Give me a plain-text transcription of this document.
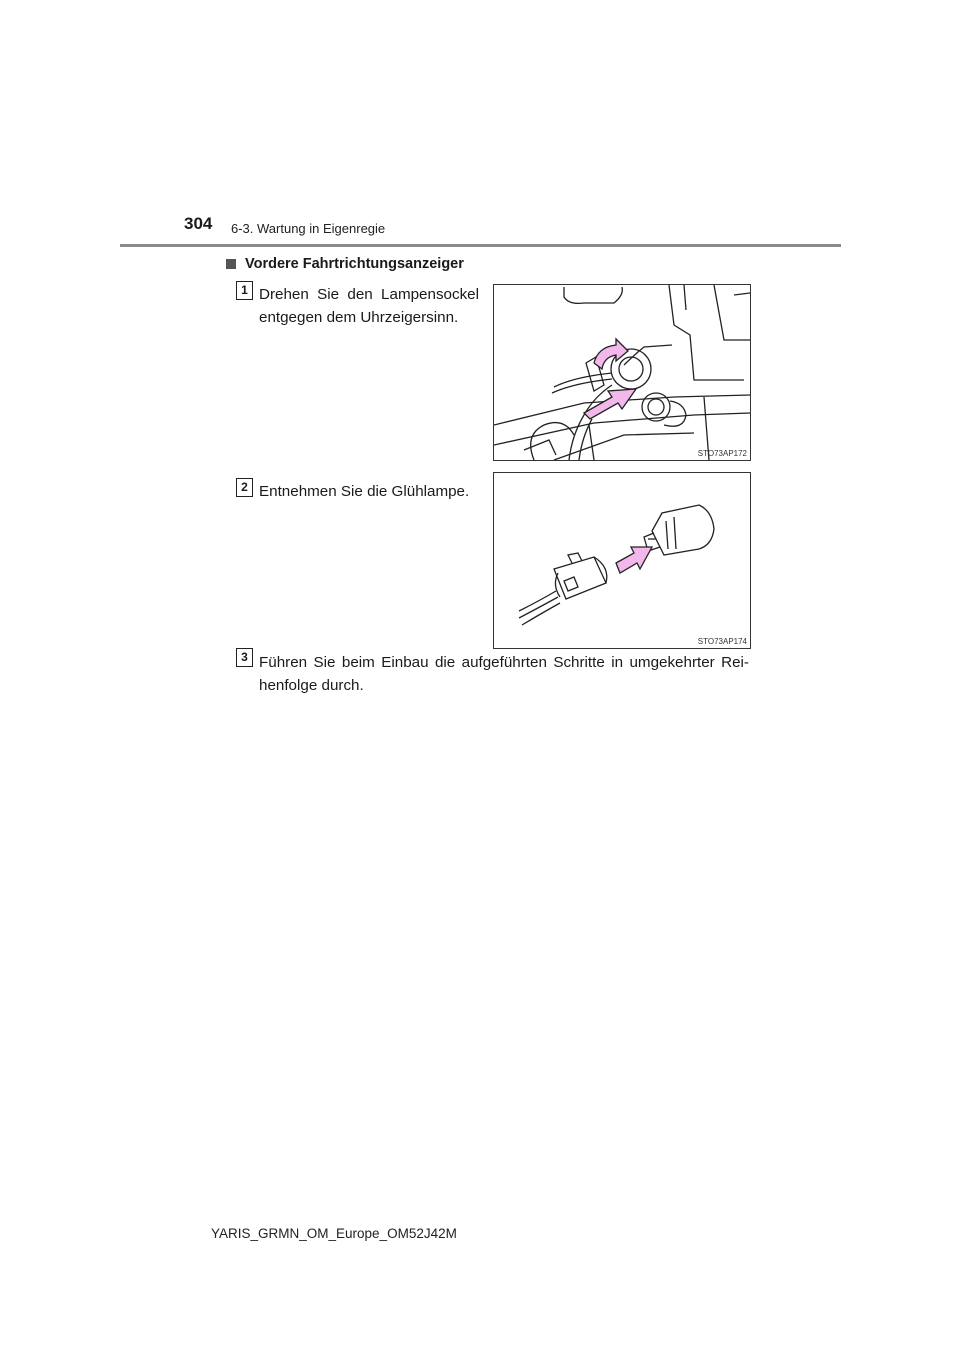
304 6-3. Wartung in Eigenregie
Vordere Fahrtrichtungsanzeiger
1 Drehen Sie den Lampensockel entgegen dem Uhrzeigersinn.
STO73AP172
2 Entnehmen Sie die Glühlampe.
STO73AP174
3 Führen Sie beim Einbau die aufgeführten Schritte in umgekehrter Rei-henfolge durch.
YARIS_GRMN_OM_Europe_OM52J42M
